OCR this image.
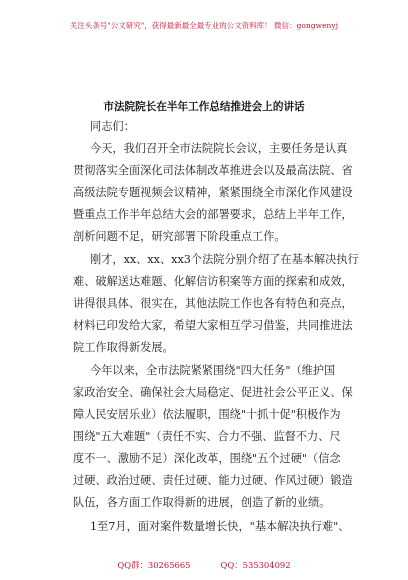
关注头条号"公文研究"，获得最新最全最专业的公文资料库！ 微信：gongwenyj
市法院院长在半年工作总结推进会上的讲话
同志们：
今天，我们召开全市法院院长会议，主要任务是认真
贯彻落实全面深化司法体制改革推进会以及最高法院、省
高级法院专题视频会议精神，紧紧围绕全市深化作风建设
暨重点工作半年总结大会的部署要求，总结上半年工作，
剖析问题不足，研究部署下阶段重点工作。
刚才，xx、xx、xx3个法院分别介绍了在基本解决执行
难、破解送达难题、化解信访积案等方面的探索和成效，
讲得很具体、很实在，其他法院工作也各有特色和亮点，
材料已印发给大家，希望大家相互学习借鉴，共同推进法
院工作取得新发展。
今年以来，全市法院紧紧围绕"四大任务"（维护国
家政治安全、确保社会大局稳定、促进社会公平正义、保
障人民安居乐业）依法履职，围绕"十抓十促"积极作为
围绕"五大难题"（责任不实、合力不强、监督不力、尺
度不一、激励不足）深化改革，围绕"五个过硬"（信念
过硬、政治过硬、责任过硬、能力过硬、作风过硬）锻造
队伍，各方面工作取得新的进展，创造了新的业绩。
1至7月，面对案件数量增长快，"基本解决执行难"、
QQ群：30265665	QQ：535304092
